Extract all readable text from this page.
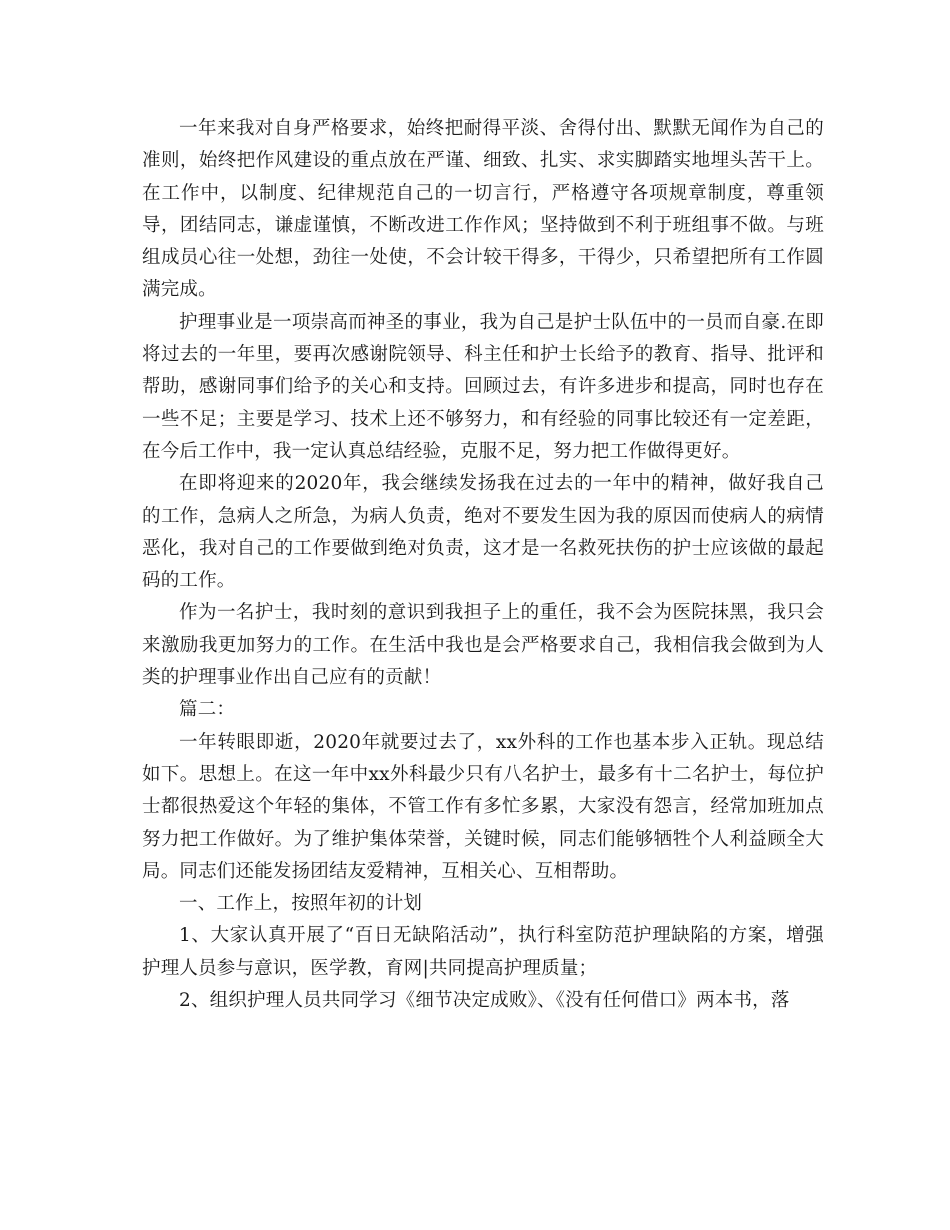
一年来我对自身严格要求，始终把耐得平淡、舍得付出、默默无闻作为自己的准则，始终把作风建设的重点放在严谨、细致、扎实、求实脚踏实地埋头苦干上。在工作中，以制度、纪律规范自己的一切言行，严格遵守各项规章制度，尊重领导，团结同志，谦虚谨慎，不断改进工作作风；坚持做到不利于班组事不做。与班组成员心往一处想，劲往一处使，不会计较干得多，干得少，只希望把所有工作圆满完成。

护理事业是一项崇高而神圣的事业，我为自己是护士队伍中的一员而自豪.在即将过去的一年里，要再次感谢院领导、科主任和护士长给予的教育、指导、批评和帮助，感谢同事们给予的关心和支持。回顾过去，有许多进步和提高，同时也存在一些不足；主要是学习、技术上还不够努力，和有经验的同事比较还有一定差距，在今后工作中，我一定认真总结经验，克服不足，努力把工作做得更好。

在即将迎来的2020年，我会继续发扬我在过去的一年中的精神，做好我自己的工作，急病人之所急，为病人负责，绝对不要发生因为我的原因而使病人的病情恶化，我对自己的工作要做到绝对负责，这才是一名救死扶伤的护士应该做的最起码的工作。

作为一名护士，我时刻的意识到我担子上的重任，我不会为医院抹黑，我只会来激励我更加努力的工作。在生活中我也是会严格要求自己，我相信我会做到为人类的护理事业作出自己应有的贡献！

篇二：

一年转眼即逝，2020年就要过去了，xx外科的工作也基本步入正轨。现总结如下。思想上。在这一年中xx外科最少只有八名护士，最多有十二名护士，每位护士都很热爱这个年轻的集体，不管工作有多忙多累，大家没有怨言，经常加班加点努力把工作做好。为了维护集体荣誉，关键时候，同志们能够牺牲个人利益顾全大局。同志们还能发扬团结友爱精神，互相关心、互相帮助。

一、工作上，按照年初的计划

1、大家认真开展了“百日无缺陷活动”，执行科室防范护理缺陷的方案，增强护理人员参与意识，医学教，育网|共同提高护理质量；

2、组织护理人员共同学习《细节决定成败》、《没有任何借口》两本书，落
